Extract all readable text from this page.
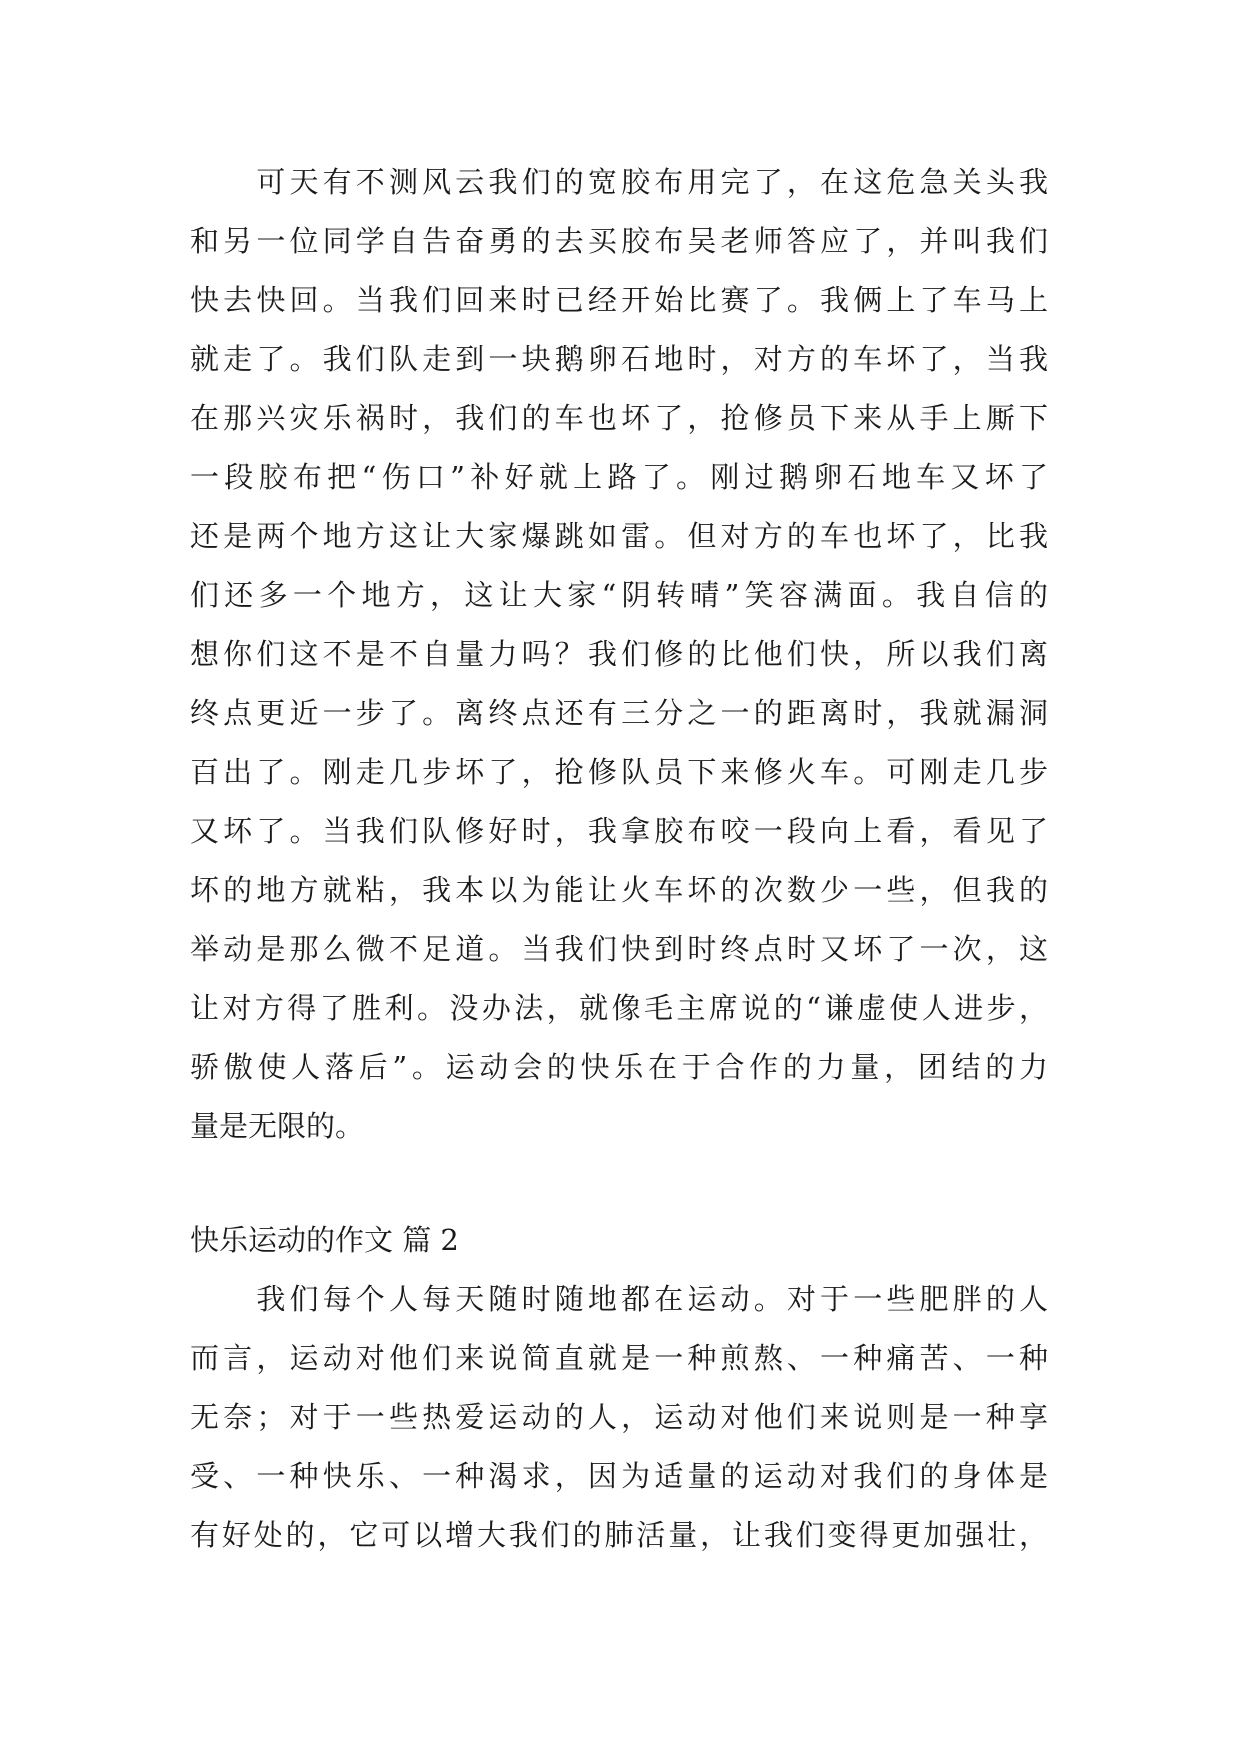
　　可天有不测风云我们的宽胶布用完了，在这危急关头我
和另一位同学自告奋勇的去买胶布吴老师答应了，并叫我们
快去快回。当我们回来时已经开始比赛了。我俩上了车马上
就走了。我们队走到一块鹅卵石地时，对方的车坏了，当我
在那兴灾乐祸时，我们的车也坏了，抢修员下来从手上厮下
一段胶布把“伤口”补好就上路了。刚过鹅卵石地车又坏了
还是两个地方这让大家爆跳如雷。但对方的车也坏了，比我
们还多一个地方，这让大家“阴转晴”笑容满面。我自信的
想你们这不是不自量力吗？我们修的比他们快，所以我们离
终点更近一步了。离终点还有三分之一的距离时，我就漏洞
百出了。刚走几步坏了，抢修队员下来修火车。可刚走几步
又坏了。当我们队修好时，我拿胶布咬一段向上看，看见了
坏的地方就粘，我本以为能让火车坏的次数少一些，但我的
举动是那么微不足道。当我们快到时终点时又坏了一次，这
让对方得了胜利。没办法，就像毛主席说的“谦虚使人进步，
骄傲使人落后”。运动会的快乐在于合作的力量，团结的力
量是无限的。
快乐运动的作文 篇 2
　　我们每个人每天随时随地都在运动。对于一些肥胖的人
而言，运动对他们来说简直就是一种煎熬、一种痛苦、一种
无奈；对于一些热爱运动的人，运动对他们来说则是一种享
受、一种快乐、一种渴求，因为适量的运动对我们的身体是
有好处的，它可以增大我们的肺活量，让我们变得更加强壮，
